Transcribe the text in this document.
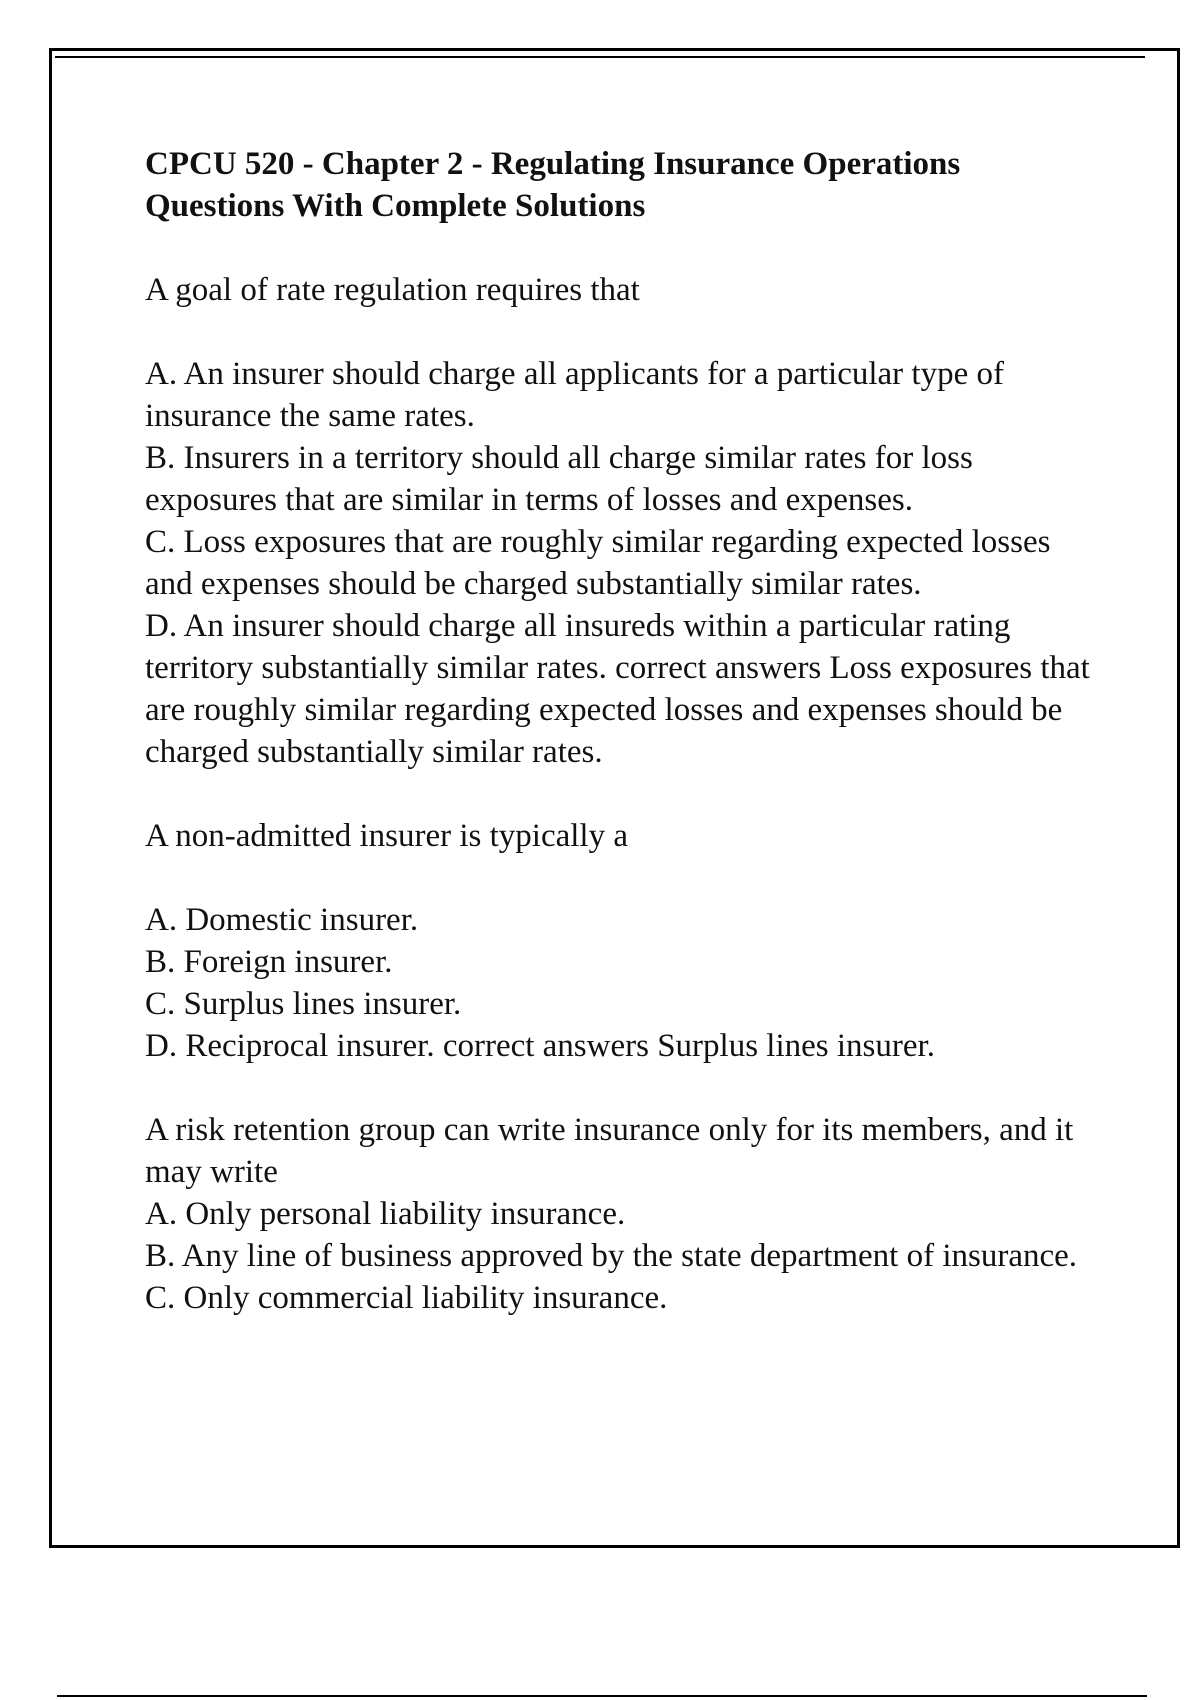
CPCU 520 - Chapter 2 - Regulating Insurance Operations
Questions With Complete Solutions

A goal of rate regulation requires that

A. An insurer should charge all applicants for a particular type of insurance the same rates.

B. Insurers in a territory should all charge similar rates for loss exposures that are similar in terms of losses and expenses.

C. Loss exposures that are roughly similar regarding expected losses and expenses should be charged substantially similar rates.

D. An insurer should charge all insureds within a particular rating territory substantially similar rates. correct answers Loss exposures that are roughly similar regarding expected losses and expenses should be charged substantially similar rates.

A non-admitted insurer is typically a

A. Domestic insurer.

B. Foreign insurer.

C. Surplus lines insurer.

D. Reciprocal insurer. correct answers Surplus lines insurer.

A risk retention group can write insurance only for its members, and it may write

A. Only personal liability insurance.

B. Any line of business approved by the state department of insurance.

C. Only commercial liability insurance.
